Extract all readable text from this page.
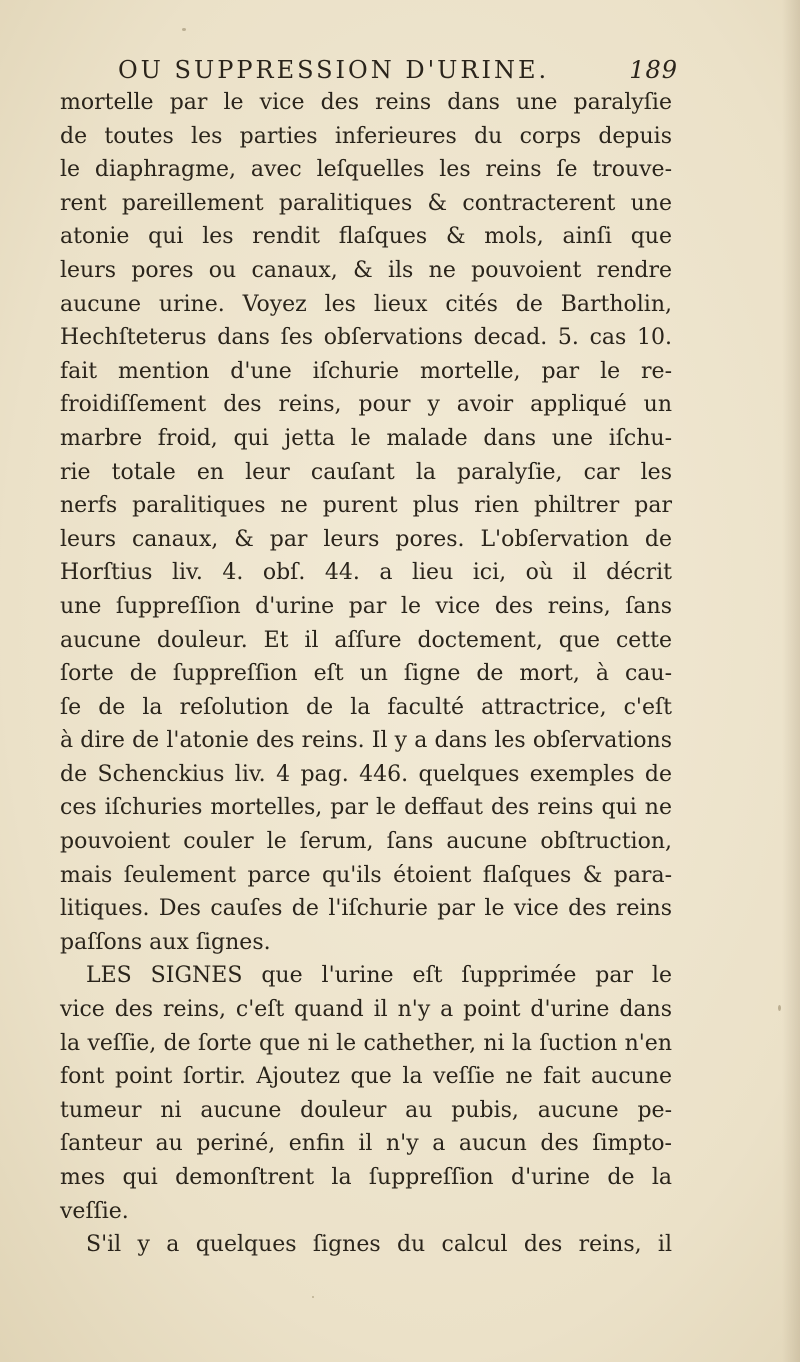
OU SUPPRESSION D'URINE.	189
mortelle par le vice des reins dans une paralyſie
de toutes les parties inferieures du corps depuis
le diaphragme, avec leſquelles les reins ſe trouve-
rent pareillement paralitiques & contracterent une
atonie qui les rendit flaſques & mols, ainſi que
leurs pores ou canaux, & ils ne pouvoient rendre
aucune urine. Voyez les lieux cités de Bartholin,
Hechſteterus dans ſes obſervations decad. 5. cas 10.
fait mention d'une iſchurie mortelle, par le re-
froidiſſement des reins, pour y avoir appliqué un
marbre froid, qui jetta le malade dans une iſchu-
rie totale en leur cauſant la paralyſie, car les
nerfs paralitiques ne purent plus rien philtrer par
leurs canaux, & par leurs pores. L'obſervation de
Horſtius liv. 4. obſ. 44. a lieu ici, où il décrit
une ſuppreſſion d'urine par le vice des reins, ſans
aucune douleur. Et il aſſure doctement, que cette
ſorte de ſuppreſſion eſt un ſigne de mort, à cau-
ſe de la reſolution de la faculté attractrice, c'eſt
à dire de l'atonie des reins. Il y a dans les obſervations
de Schenckius liv. 4 pag. 446. quelques exemples de
ces iſchuries mortelles, par le deffaut des reins qui ne
pouvoient couler le ſerum, ſans aucune obſtruction,
mais ſeulement parce qu'ils étoient flaſques & para-
litiques. Des cauſes de l'iſchurie par le vice des reins
paſſons aux ſignes.
LES SIGNES que l'urine eſt ſupprimée par le
vice des reins, c'eſt quand il n'y a point d'urine dans
la veſſie, de ſorte que ni le cathether, ni la ſuction n'en
font point ſortir. Ajoutez que la veſſie ne fait aucune
tumeur ni aucune douleur au pubis, aucune pe-
ſanteur au periné, enfin il n'y a aucun des ſimpto-
mes qui demonſtrent la ſuppreſſion d'urine de la
veſſie.
S'il y a quelques ſignes du calcul des reins, il
